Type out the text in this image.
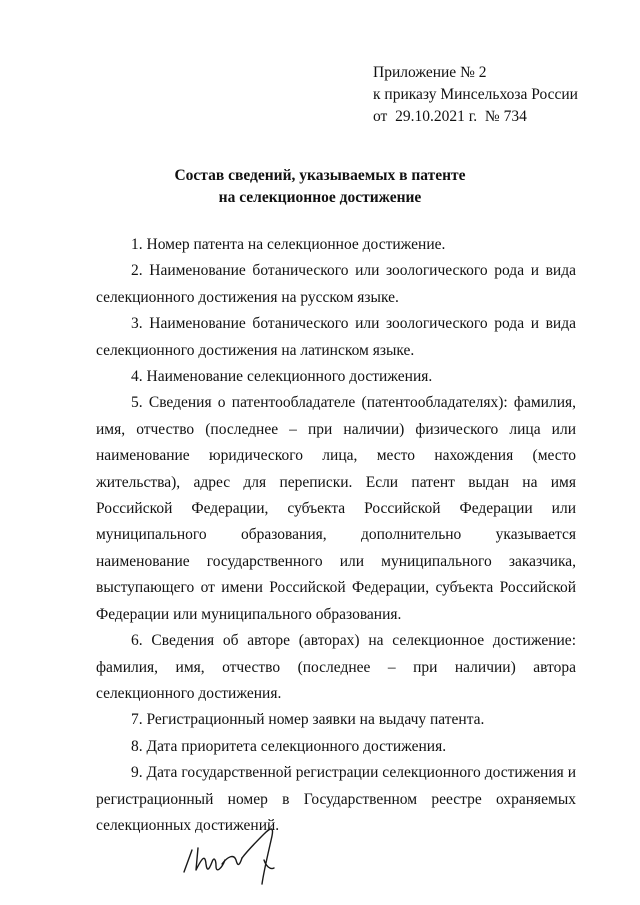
Приложение № 2
к приказу Минсельхоза России
от  29.10.2021 г.  № 734
Состав сведений, указываемых в патенте
на селекционное достижение

1. Номер патента на селекционное достижение.

2. Наименование ботанического или зоологического рода и вида селекционного достижения на русском языке.

3. Наименование ботанического или зоологического рода и вида селекционного достижения на латинском языке.

4. Наименование селекционного достижения.

5. Сведения о патентообладателе (патентообладателях): фамилия, имя, отчество (последнее – при наличии) физического лица или наименование юридического лица, место нахождения (место жительства), адрес для переписки. Если патент выдан на имя Российской Федерации, субъекта Российской Федерации или муниципального образования, дополнительно указывается наименование государственного или муниципального заказчика, выступающего от имени Российской Федерации, субъекта Российской Федерации или муниципального образования.

6. Сведения об авторе (авторах) на селекционное достижение: фамилия, имя, отчество (последнее – при наличии) автора селекционного достижения.

7. Регистрационный номер заявки на выдачу патента.

8. Дата приоритета селекционного достижения.

9. Дата государственной регистрации селекционного достижения и регистрационный номер в Государственном реестре охраняемых селекционных достижений.
